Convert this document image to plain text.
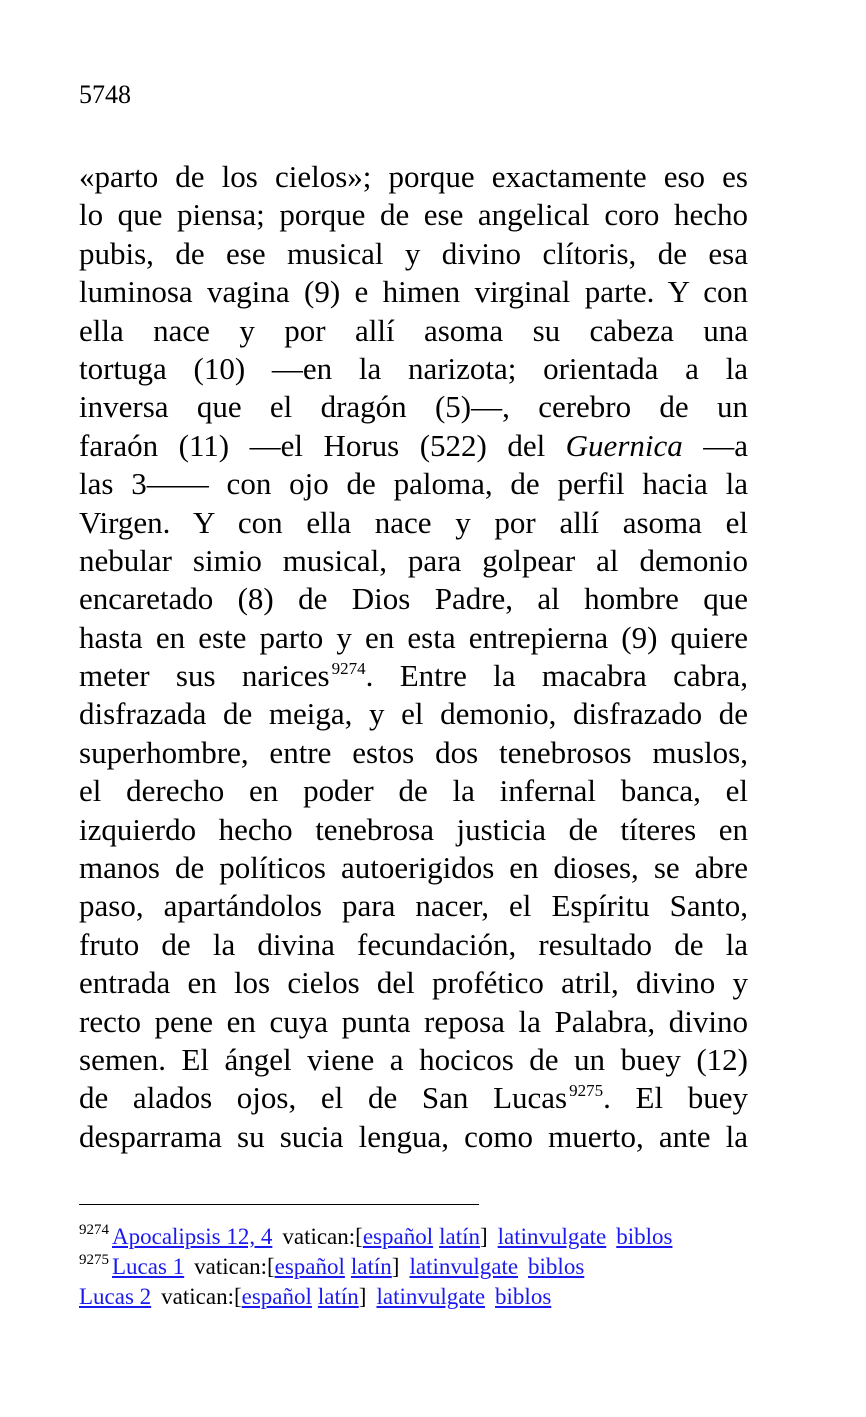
5748
«parto de los cielos»; porque exactamente eso es
lo que piensa; porque de ese angelical coro hecho
pubis, de ese musical y divino clítoris, de esa
luminosa vagina (9) e himen virginal parte. Y con
ella nace y por allí asoma su cabeza una
tortuga (10) —en la narizota; orientada a la
inversa que el dragón (5)—, cerebro de un
faraón (11) —el Horus (522) del Guernica —a
las 3—— con ojo de paloma, de perfil hacia la
Virgen. Y con ella nace y por allí asoma el
nebular simio musical, para golpear al demonio
encaretado (8) de Dios Padre, al hombre que
hasta en este parto y en esta entrepierna (9) quiere
meter sus narices $^{9274}$. Entre la macabra cabra,
disfrazada de meiga, y el demonio, disfrazado de
superhombre, entre estos dos tenebrosos muslos,
el derecho en poder de la infernal banca, el
izquierdo hecho tenebrosa justicia de títeres en
manos de políticos autoerigidos en dioses, se abre
paso, apartándolos para nacer, el Espíritu Santo,
fruto de la divina fecundación, resultado de la
entrada en los cielos del profético atril, divino y
recto pene en cuya punta reposa la Palabra, divino
semen. El ángel viene a hocicos de un buey (12)
de alados ojos, el de San Lucas $^{9275}$. El buey
desparrama su sucia lengua, como muerto, ante la
$^{9274}$ Apocalipsis 12, 4 vatican:[español latín] latinvulgate biblos
$^{9275}$ Lucas 1 vatican:[español latín] latinvulgate biblos
Lucas 2 vatican:[español latín] latinvulgate biblos
